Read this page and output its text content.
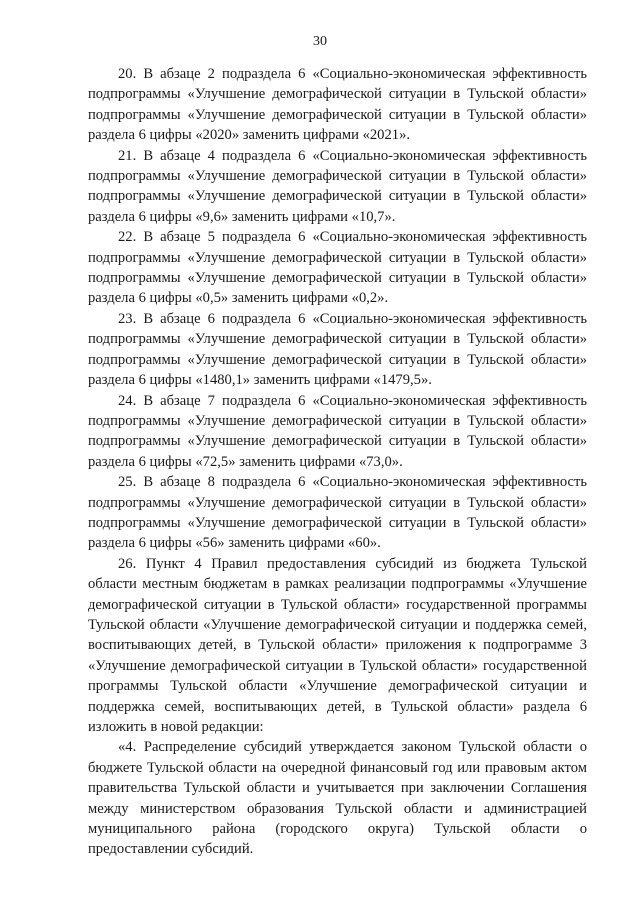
30

20. В абзаце 2 подраздела 6 «Социально-экономическая эффективность подпрограммы «Улучшение демографической ситуации в Тульской области» подпрограммы «Улучшение демографической ситуации в Тульской области» раздела 6 цифры «2020» заменить цифрами «2021».

21. В абзаце 4 подраздела 6 «Социально-экономическая эффективность подпрограммы «Улучшение демографической ситуации в Тульской области» подпрограммы «Улучшение демографической ситуации в Тульской области» раздела 6 цифры «9,6» заменить цифрами «10,7».

22. В абзаце 5 подраздела 6 «Социально-экономическая эффективность подпрограммы «Улучшение демографической ситуации в Тульской области» подпрограммы «Улучшение демографической ситуации в Тульской области» раздела 6 цифры «0,5» заменить цифрами «0,2».

23. В абзаце 6 подраздела 6 «Социально-экономическая эффективность подпрограммы «Улучшение демографической ситуации в Тульской области» подпрограммы «Улучшение демографической ситуации в Тульской области» раздела 6 цифры «1480,1» заменить цифрами «1479,5».

24. В абзаце 7 подраздела 6 «Социально-экономическая эффективность подпрограммы «Улучшение демографической ситуации в Тульской области» подпрограммы «Улучшение демографической ситуации в Тульской области» раздела 6 цифры «72,5» заменить цифрами «73,0».

25. В абзаце 8 подраздела 6 «Социально-экономическая эффективность подпрограммы «Улучшение демографической ситуации в Тульской области» подпрограммы «Улучшение демографической ситуации в Тульской области» раздела 6 цифры «56» заменить цифрами «60».

26. Пункт 4 Правил предоставления субсидий из бюджета Тульской области местным бюджетам в рамках реализации подпрограммы «Улучшение демографической ситуации в Тульской области» государственной программы Тульской области «Улучшение демографической ситуации и поддержка семей, воспитывающих детей, в Тульской области» приложения к подпрограмме 3 «Улучшение демографической ситуации в Тульской области» государственной программы Тульской области «Улучшение демографической ситуации и поддержка семей, воспитывающих детей, в Тульской области» раздела 6 изложить в новой редакции:

«4. Распределение субсидий утверждается законом Тульской области о бюджете Тульской области на очередной финансовый год или правовым актом правительства Тульской области и учитывается при заключении Соглашения между министерством образования Тульской области и администрацией муниципального района (городского округа) Тульской области о предоставлении субсидий.
